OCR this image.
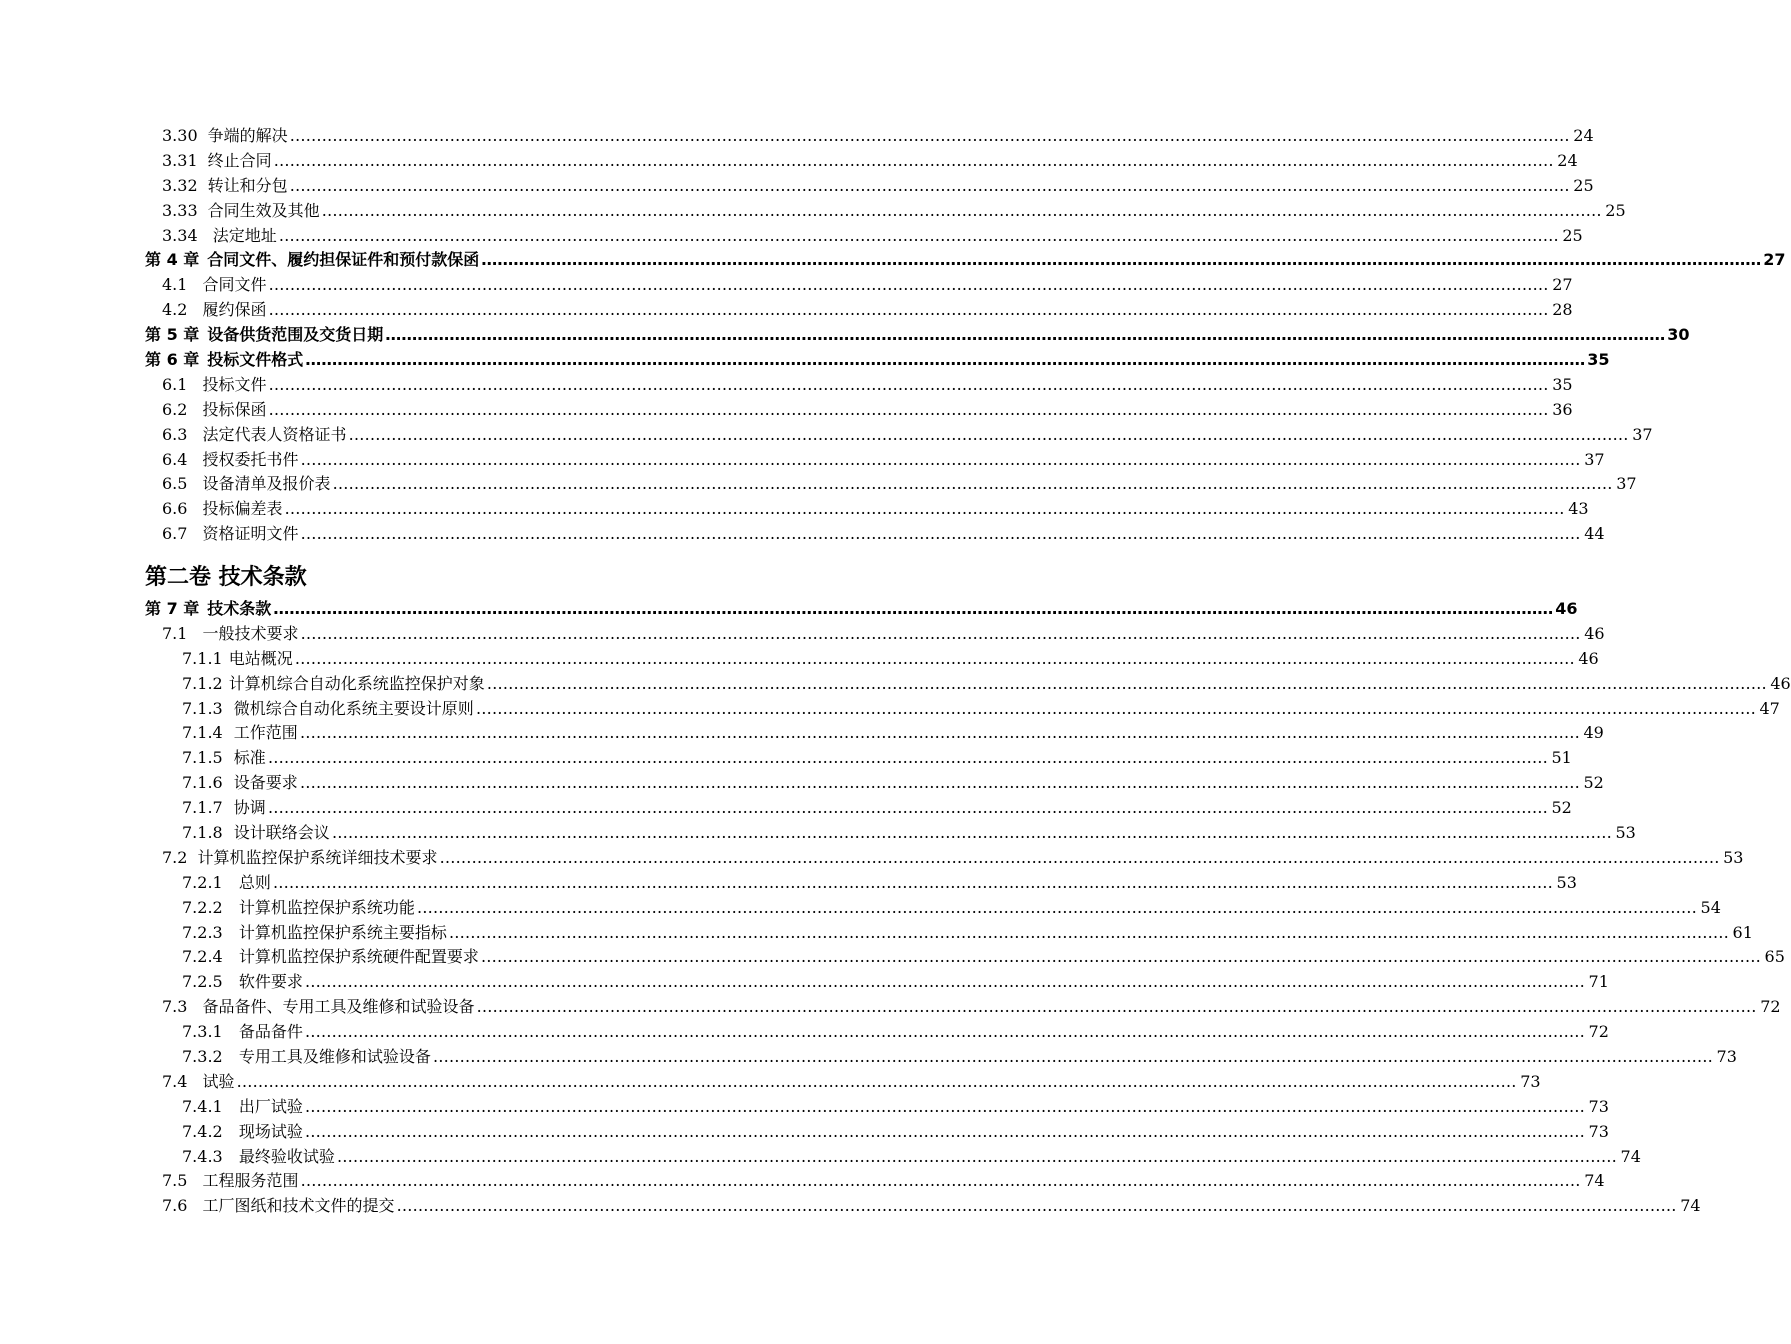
3.30 争端的解决 …………………………………………………………………………………………………………………………………………………………………………………………………………………… 24
3.31 终止合同 …………………………………………………………………………………………………………………………………………………………………………………………………………………… 24
3.32 转让和分包 …………………………………………………………………………………………………………………………………………………………………………………………………………………… 25
3.33 合同生效及其他 …………………………………………………………………………………………………………………………………………………………………………………………………………………… 25
3.34 法定地址 …………………………………………………………………………………………………………………………………………………………………………………………………………………… 25
第 4 章 合同文件、履约担保证件和预付款保函 …………………………………………………………………………………………………………………………………………………………………………………………………………………… 27
4.1 合同文件 …………………………………………………………………………………………………………………………………………………………………………………………………………………… 27
4.2 履约保函 …………………………………………………………………………………………………………………………………………………………………………………………………………………… 28
第 5 章 设备供货范围及交货日期 …………………………………………………………………………………………………………………………………………………………………………………………………………………… 30
第 6 章 投标文件格式 …………………………………………………………………………………………………………………………………………………………………………………………………………………… 35
6.1 投标文件 …………………………………………………………………………………………………………………………………………………………………………………………………………………… 35
6.2 投标保函 …………………………………………………………………………………………………………………………………………………………………………………………………………………… 36
6.3 法定代表人资格证书 …………………………………………………………………………………………………………………………………………………………………………………………………………………… 37
6.4 授权委托书件 …………………………………………………………………………………………………………………………………………………………………………………………………………………… 37
6.5 设备清单及报价表 …………………………………………………………………………………………………………………………………………………………………………………………………………………… 37
6.6 投标偏差表 …………………………………………………………………………………………………………………………………………………………………………………………………………………… 43
6.7 资格证明文件 …………………………………………………………………………………………………………………………………………………………………………………………………………………… 44
第二卷 技术条款
第 7 章 技术条款 …………………………………………………………………………………………………………………………………………………………………………………………………………………… 46
7.1 一般技术要求 …………………………………………………………………………………………………………………………………………………………………………………………………………………… 46
7.1.1 电站概况 …………………………………………………………………………………………………………………………………………………………………………………………………………………… 46
7.1.2 计算机综合自动化系统监控保护对象 …………………………………………………………………………………………………………………………………………………………………………………………………………………… 46
7.1.3 微机综合自动化系统主要设计原则 …………………………………………………………………………………………………………………………………………………………………………………………………………………… 47
7.1.4 工作范围 …………………………………………………………………………………………………………………………………………………………………………………………………………………… 49
7.1.5 标准 …………………………………………………………………………………………………………………………………………………………………………………………………………………… 51
7.1.6 设备要求 …………………………………………………………………………………………………………………………………………………………………………………………………………………… 52
7.1.7 协调 …………………………………………………………………………………………………………………………………………………………………………………………………………………… 52
7.1.8 设计联络会议 …………………………………………………………………………………………………………………………………………………………………………………………………………………… 53
7.2 计算机监控保护系统详细技术要求 …………………………………………………………………………………………………………………………………………………………………………………………………………………… 53
7.2.1  总则 …………………………………………………………………………………………………………………………………………………………………………………………………………………… 53
7.2.2  计算机监控保护系统功能 …………………………………………………………………………………………………………………………………………………………………………………………………………………… 54
7.2.3  计算机监控保护系统主要指标 …………………………………………………………………………………………………………………………………………………………………………………………………………………… 61
7.2.4  计算机监控保护系统硬件配置要求 …………………………………………………………………………………………………………………………………………………………………………………………………………………… 65
7.2.5  软件要求 …………………………………………………………………………………………………………………………………………………………………………………………………………………… 71
7.3 备品备件、专用工具及维修和试验设备 …………………………………………………………………………………………………………………………………………………………………………………………………………………… 72
7.3.1  备品备件 …………………………………………………………………………………………………………………………………………………………………………………………………………………… 72
7.3.2  专用工具及维修和试验设备 …………………………………………………………………………………………………………………………………………………………………………………………………………………… 73
7.4 试验 …………………………………………………………………………………………………………………………………………………………………………………………………………………… 73
7.4.1  出厂试验 …………………………………………………………………………………………………………………………………………………………………………………………………………………… 73
7.4.2  现场试验 …………………………………………………………………………………………………………………………………………………………………………………………………………………… 73
7.4.3  最终验收试验 …………………………………………………………………………………………………………………………………………………………………………………………………………………… 74
7.5 工程服务范围 …………………………………………………………………………………………………………………………………………………………………………………………………………………… 74
7.6 工厂图纸和技术文件的提交 …………………………………………………………………………………………………………………………………………………………………………………………………………………… 74
